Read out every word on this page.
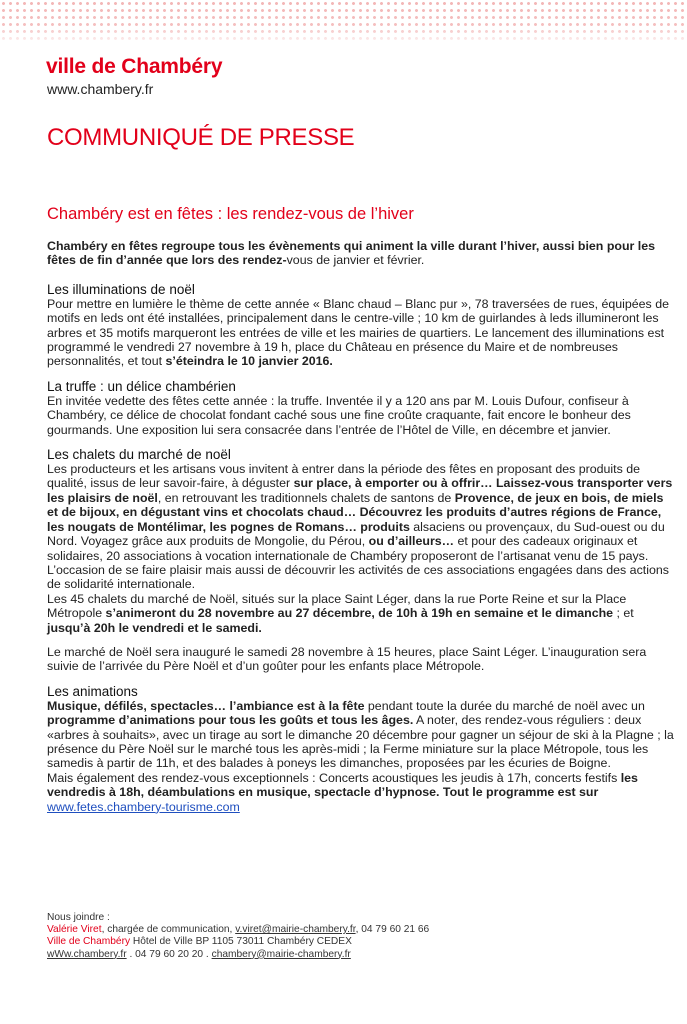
ville de Chambéry
www.chambery.fr
COMMUNIQUÉ DE PRESSE
Chambéry est en fêtes : les rendez-vous de l’hiver

Chambéry en fêtes regroupe tous les évènements qui animent la ville durant l’hiver, aussi bien pour les fêtes de fin d’année que lors des rendez-vous de janvier et février.

Les illuminations de noël

Pour mettre en lumière le thème de cette année « Blanc chaud – Blanc pur », 78 traversées de rues, équipées de motifs en leds ont été installées, principalement dans le centre-ville ; 10 km de guirlandes à leds illumineront les arbres et 35 motifs marqueront les entrées de ville et les mairies de quartiers. Le lancement des illuminations est programmé le vendredi 27 novembre à 19 h, place du Château en présence du Maire et de nombreuses personnalités, et tout s’éteindra le 10 janvier 2016.

La truffe : un délice chambérien

En invitée vedette des fêtes cette année : la truffe. Inventée il y a 120 ans par M. Louis Dufour, confiseur à Chambéry, ce délice de chocolat fondant caché sous une fine croûte craquante, fait encore le bonheur des gourmands. Une exposition lui sera consacrée dans l’entrée de l’Hôtel de Ville, en décembre et janvier.

Les chalets du marché de noël

Les producteurs et les artisans vous invitent à entrer dans la période des fêtes en proposant des produits de qualité, issus de leur savoir-faire, à déguster sur place, à emporter ou à offrir… Laissez-vous transporter vers les plaisirs de noël, en retrouvant les traditionnels chalets de santons de Provence, de jeux en bois, de miels et de bijoux, en dégustant vins et chocolats chaud… Découvrez les produits d’autres régions de France, les nougats de Montélimar, les pognes de Romans… produits alsaciens ou provençaux, du Sud-ouest ou du Nord. Voyagez grâce aux produits de Mongolie, du Pérou, ou d’ailleurs… et pour des cadeaux originaux et solidaires, 20 associations à vocation internationale de Chambéry proposeront de l’artisanat venu de 15 pays. L’occasion de se faire plaisir mais aussi de découvrir les activités de ces associations engagées dans des actions de solidarité internationale.

Les 45 chalets du marché de Noël, situés sur la place Saint Léger, dans la rue Porte Reine et sur la Place Métropole s’animeront du 28 novembre au 27 décembre, de 10h à 19h en semaine et le dimanche ; et jusqu’à 20h le vendredi et le samedi.

Le marché de Noël sera inauguré le samedi 28 novembre à 15 heures, place Saint Léger. L’inauguration sera suivie de l’arrivée du Père Noël et d’un goûter pour les enfants place Métropole.

Les animations

Musique, défilés, spectacles… l’ambiance est à la fête pendant toute la durée du marché de noël avec un programme d’animations pour tous les goûts et tous les âges. A noter, des rendez-vous réguliers : deux «arbres à souhaits», avec un tirage au sort le dimanche 20 décembre pour gagner un séjour de ski à la Plagne ; la présence du Père Noël sur le marché tous les après-midi ; la Ferme miniature sur la place Métropole, tous les samedis à partir de 11h, et des balades à poneys les dimanches, proposées par les écuries de Boigne.

Mais également des rendez-vous exceptionnels : Concerts acoustiques les jeudis à 17h, concerts festifs les vendredis à 18h, déambulations en musique, spectacle d’hypnose. Tout le programme est sur

www.fetes.chambery-tourisme.com

Nous joindre :
Valérie Viret, chargée de communication, v.viret@mairie-chambery.fr, 04 79 60 21 66
Ville de Chambéry Hôtel de Ville BP 1105 73011 Chambéry CEDEX
wWw.chambery.fr . 04 79 60 20 20 . chambery@mairie-chambery.fr
